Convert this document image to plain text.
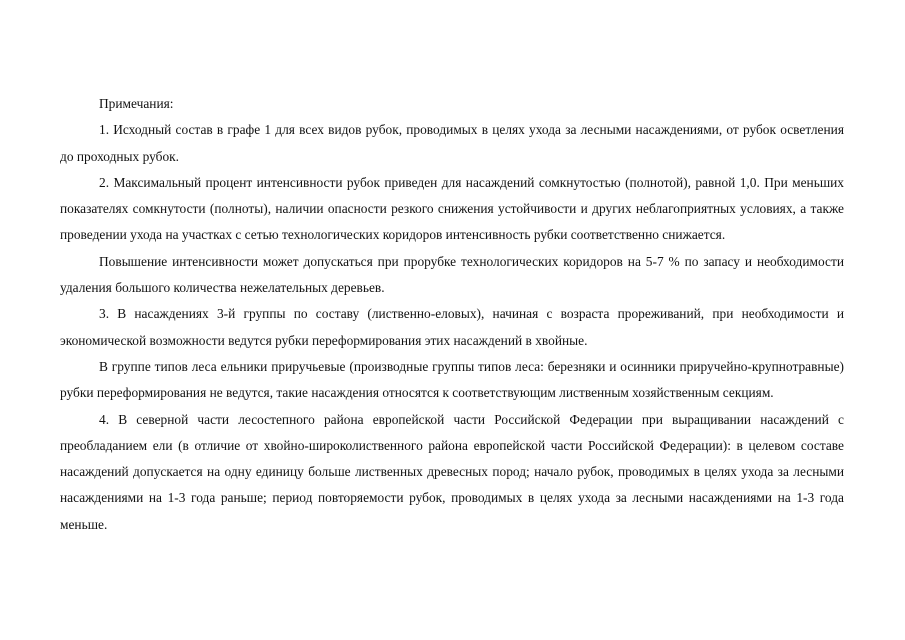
Примечания:

1. Исходный состав в графе 1 для всех видов рубок, проводимых в целях ухода за лесными насаждениями, от рубок осветления до проходных рубок.

2. Максимальный процент интенсивности рубок приведен для насаждений сомкнутостью (полнотой), равной 1,0. При меньших показателях сомкнутости (полноты), наличии опасности резкого снижения устойчивости и других неблагоприятных условиях, а также проведении ухода на участках с сетью технологических коридоров интенсивность рубки соответственно снижается.

Повышение интенсивности может допускаться при прорубке технологических коридоров на 5-7 % по запасу и необходимости удаления большого количества нежелательных деревьев.

3. В насаждениях 3-й группы по составу (лиственно-еловых), начиная с возраста прореживаний, при необходимости и экономической возможности ведутся рубки переформирования этих насаждений в хвойные.

В группе типов леса ельники приручьевые (производные группы типов леса: березняки и осинники приручейно-крупнотравные) рубки переформирования не ведутся, такие насаждения относятся к соответствующим лиственным хозяйственным секциям.

4. В северной части лесостепного района европейской части Российской Федерации при выращивании насаждений с преобладанием ели (в отличие от хвойно-широколиственного района европейской части Российской Федерации): в целевом составе насаждений допускается на одну единицу больше лиственных древесных пород; начало рубок, проводимых в целях ухода за лесными насаждениями на 1-3 года раньше; период повторяемости рубок, проводимых в целях ухода за лесными насаждениями на 1-3 года меньше.
